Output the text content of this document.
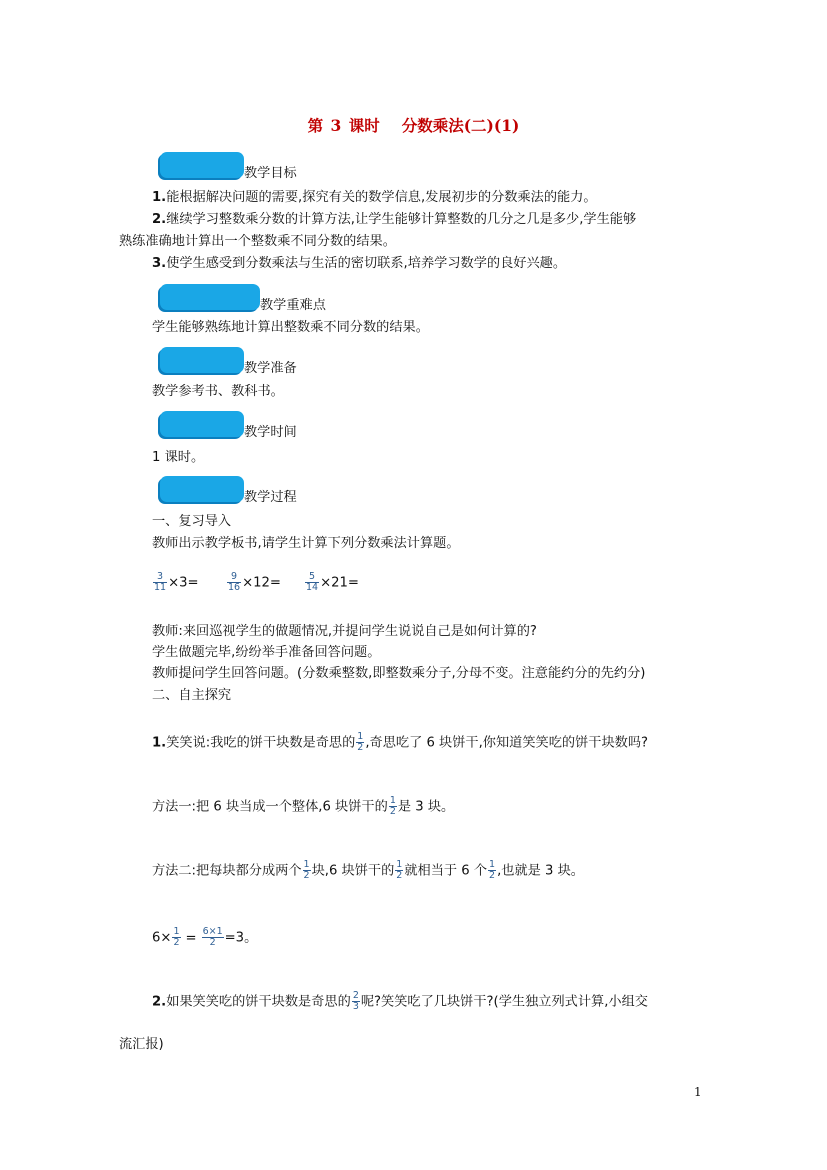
第 3 课时 分数乘法(二)(1)
教学目标
1.能根据解决问题的需要,探究有关的数学信息,发展初步的分数乘法的能力。
2.继续学习整数乘分数的计算方法,让学生能够计算整数的几分之几是多少,学生能够
熟练准确地计算出一个整数乘不同分数的结果。
3.使学生感受到分数乘法与生活的密切联系,培养学习数学的良好兴趣。
教学重难点
学生能够熟练地计算出整数乘不同分数的结果。
教学准备
教学参考书、教科书。
教学时间
1 课时。
教学过程
一、复习导入
教师出示教学板书,请学生计算下列分数乘法计算题。
$\frac{3}{11} \times 3=$	$\frac{9}{16} \times 12=$	$\frac{5}{14} \times 21=$
教师:来回巡视学生的做题情况,并提问学生说说自己是如何计算的?
学生做题完毕,纷纷举手准备回答问题。
教师提问学生回答问题。(分数乘整数,即整数乘分子,分母不变。注意能约分的先约分)
二、自主探究
1.笑笑说:我吃的饼干块数是奇思的 $\frac{1}{2}$ ,奇思吃了 6 块饼干,你知道笑笑吃的饼干块数吗?
方法一:把 6 块当成一个整体,6 块饼干的 $\frac{1}{2}$ 是 3 块。
方法二:把每块都分成两个 $\frac{1}{2}$ 块,6 块饼干的 $\frac{1}{2}$ 就相当于 6 个 $\frac{1}{2}$ ,也就是 3 块。
$6\times \frac{1}{2} = \frac{6\times 1}{2} =3$。
2.如果笑笑吃的饼干块数是奇思的 $\frac{2}{3}$ 呢?笑笑吃了几块饼干?(学生独立列式计算,小组交
流汇报)
1
